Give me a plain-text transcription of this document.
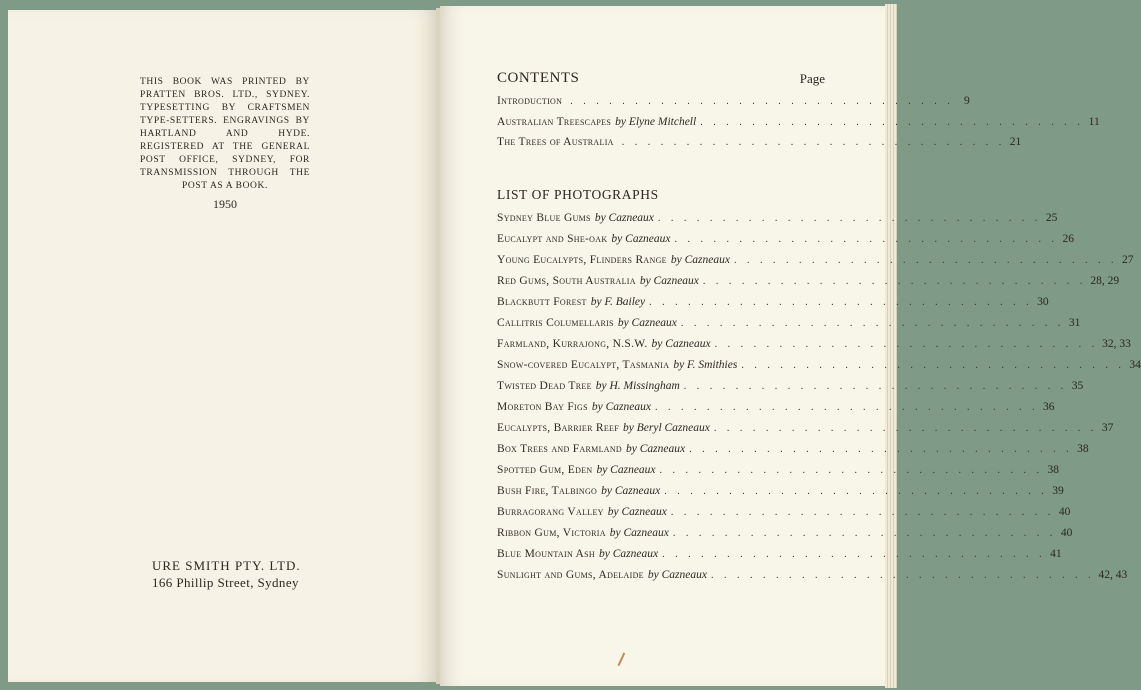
THIS BOOK WAS PRINTED BY PRATTEN BROS. LTD., SYDNEY. TYPESETTING BY CRAFTSMEN TYPE-SETTERS. ENGRAVINGS BY HARTLAND AND HYDE. REGISTERED AT THE GENERAL POST OFFICE, SYDNEY, FOR TRANSMISSION THROUGH THE POST AS A BOOK.
1950
URE SMITH PTY. LTD.
166 Phillip Street, Sydney
CONTENTS	Page
Introduction . . . . . . . . . . . . . . . . . . . . . . . . . . . . . . 9
Australian Treescapes by Elyne Mitchell . . . . . . . . . . . . . . . . . . . . . . . . . . . . . . 11
The Trees of Australia . . . . . . . . . . . . . . . . . . . . . . . . . . . . . . 21
LIST OF PHOTOGRAPHS
Sydney Blue Gums by Cazneaux . . . . . . . . . . . . . . . . . . . . . . . . . . . . . . 25
Eucalypt and She-oak by Cazneaux . . . . . . . . . . . . . . . . . . . . . . . . . . . . . . 26
Young Eucalypts, Flinders Range by Cazneaux . . . . . . . . . . . . . . . . . . . . . . . . . . . . . . 27
Red Gums, South Australia by Cazneaux . . . . . . . . . . . . . . . . . . . . . . . . . . . . . . 28, 29
Blackbutt Forest by F. Bailey . . . . . . . . . . . . . . . . . . . . . . . . . . . . . . 30
Callitris Columellaris by Cazneaux . . . . . . . . . . . . . . . . . . . . . . . . . . . . . . 31
Farmland, Kurrajong, N.S.W. by Cazneaux . . . . . . . . . . . . . . . . . . . . . . . . . . . . . . 32, 33
Snow-covered Eucalypt, Tasmania by F. Smithies . . . . . . . . . . . . . . . . . . . . . . . . . . . . . . 34
Twisted Dead Tree by H. Missingham . . . . . . . . . . . . . . . . . . . . . . . . . . . . . . 35
Moreton Bay Figs by Cazneaux . . . . . . . . . . . . . . . . . . . . . . . . . . . . . . 36
Eucalypts, Barrier Reef by Beryl Cazneaux . . . . . . . . . . . . . . . . . . . . . . . . . . . . . . 37
Box Trees and Farmland by Cazneaux . . . . . . . . . . . . . . . . . . . . . . . . . . . . . . 38
Spotted Gum, Eden by Cazneaux . . . . . . . . . . . . . . . . . . . . . . . . . . . . . . 38
Bush Fire, Talbingo by Cazneaux . . . . . . . . . . . . . . . . . . . . . . . . . . . . . . 39
Burragorang Valley by Cazneaux . . . . . . . . . . . . . . . . . . . . . . . . . . . . . . 40
Ribbon Gum, Victoria by Cazneaux . . . . . . . . . . . . . . . . . . . . . . . . . . . . . . 40
Blue Mountain Ash by Cazneaux . . . . . . . . . . . . . . . . . . . . . . . . . . . . . . 41
Sunlight and Gums, Adelaide by Cazneaux . . . . . . . . . . . . . . . . . . . . . . . . . . . . . . 42, 43
